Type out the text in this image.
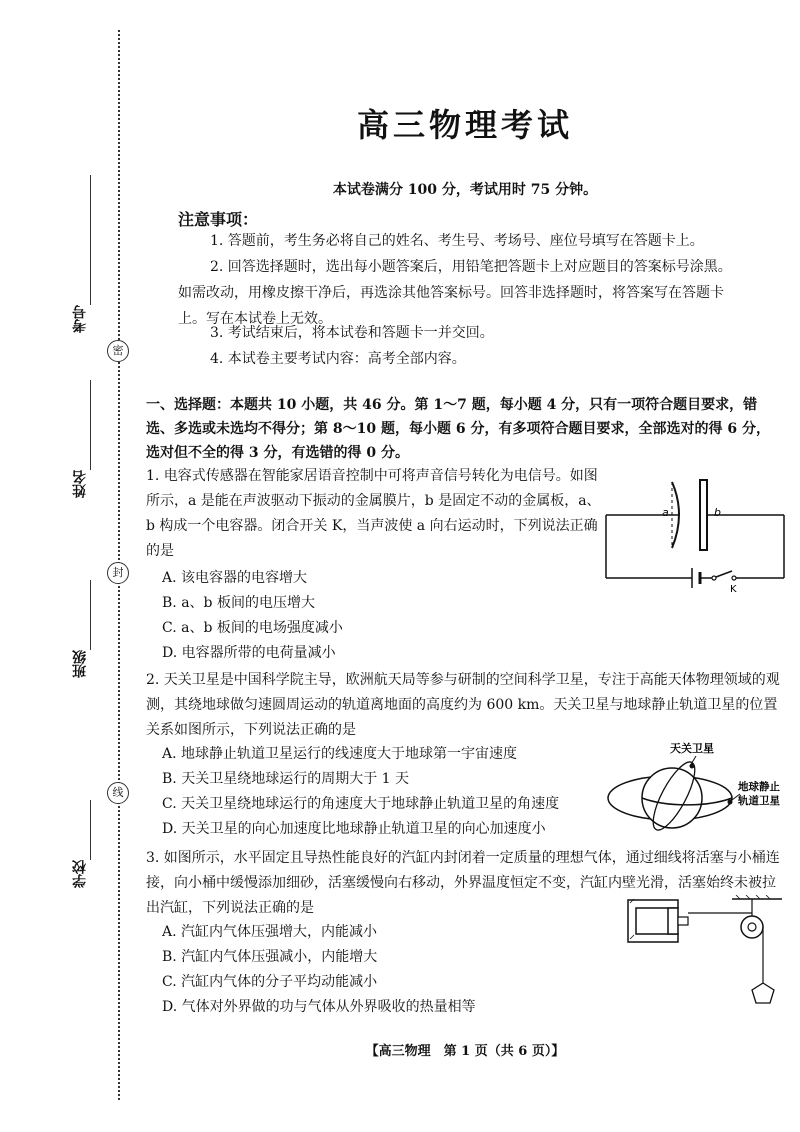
考号
姓名
班级
学校
密
封
线
高三物理考试
本试卷满分 100 分，考试用时 75 分钟。
注意事项：
1. 答题前，考生务必将自己的姓名、考生号、考场号、座位号填写在答题卡上。
2. 回答选择题时，选出每小题答案后，用铅笔把答题卡上对应题目的答案标号涂黑。如需改动，用橡皮擦干净后，再选涂其他答案标号。回答非选择题时，将答案写在答题卡上。写在本试卷上无效。
3. 考试结束后，将本试卷和答题卡一并交回。
4. 本试卷主要考试内容：高考全部内容。
一、选择题：本题共 10 小题，共 46 分。第 1～7 题，每小题 4 分，只有一项符合题目要求，错选、多选或未选均不得分；第 8～10 题，每小题 6 分，有多项符合题目要求，全部选对的得 6 分，选对但不全的得 3 分，有选错的得 0 分。
1. 电容式传感器在智能家居语音控制中可将声音信号转化为电信号。如图所示，a 是能在声波驱动下振动的金属膜片，b 是固定不动的金属板，a、b 构成一个电容器。闭合开关 K，当声波使 a 向右运动时，下列说法正确的是
A. 该电容器的电容增大
B. a、b 板间的电压增大
C. a、b 板间的电场强度减小
D. 电容器所带的电荷量减小
a	b
K
2. 天关卫星是中国科学院主导，欧洲航天局等参与研制的空间科学卫星，专注于高能天体物理领域的观测，其绕地球做匀速圆周运动的轨道离地面的高度约为 600 km。天关卫星与地球静止轨道卫星的位置关系如图所示，下列说法正确的是
A. 地球静止轨道卫星运行的线速度大于地球第一宇宙速度
B. 天关卫星绕地球运行的周期大于 1 天
C. 天关卫星绕地球运行的角速度大于地球静止轨道卫星的角速度
D. 天关卫星的向心加速度比地球静止轨道卫星的向心加速度小
天关卫星
地球静止
轨道卫星
3. 如图所示，水平固定且导热性能良好的汽缸内封闭着一定质量的理想气体，通过细线将活塞与小桶连接，向小桶中缓慢添加细砂，活塞缓慢向右移动，外界温度恒定不变，汽缸内壁光滑，活塞始终未被拉出汽缸，下列说法正确的是
A. 汽缸内气体压强增大，内能减小
B. 汽缸内气体压强减小，内能增大
C. 汽缸内气体的分子平均动能减小
D. 气体对外界做的功与气体从外界吸收的热量相等
【高三物理　第 1 页（共 6 页）】
